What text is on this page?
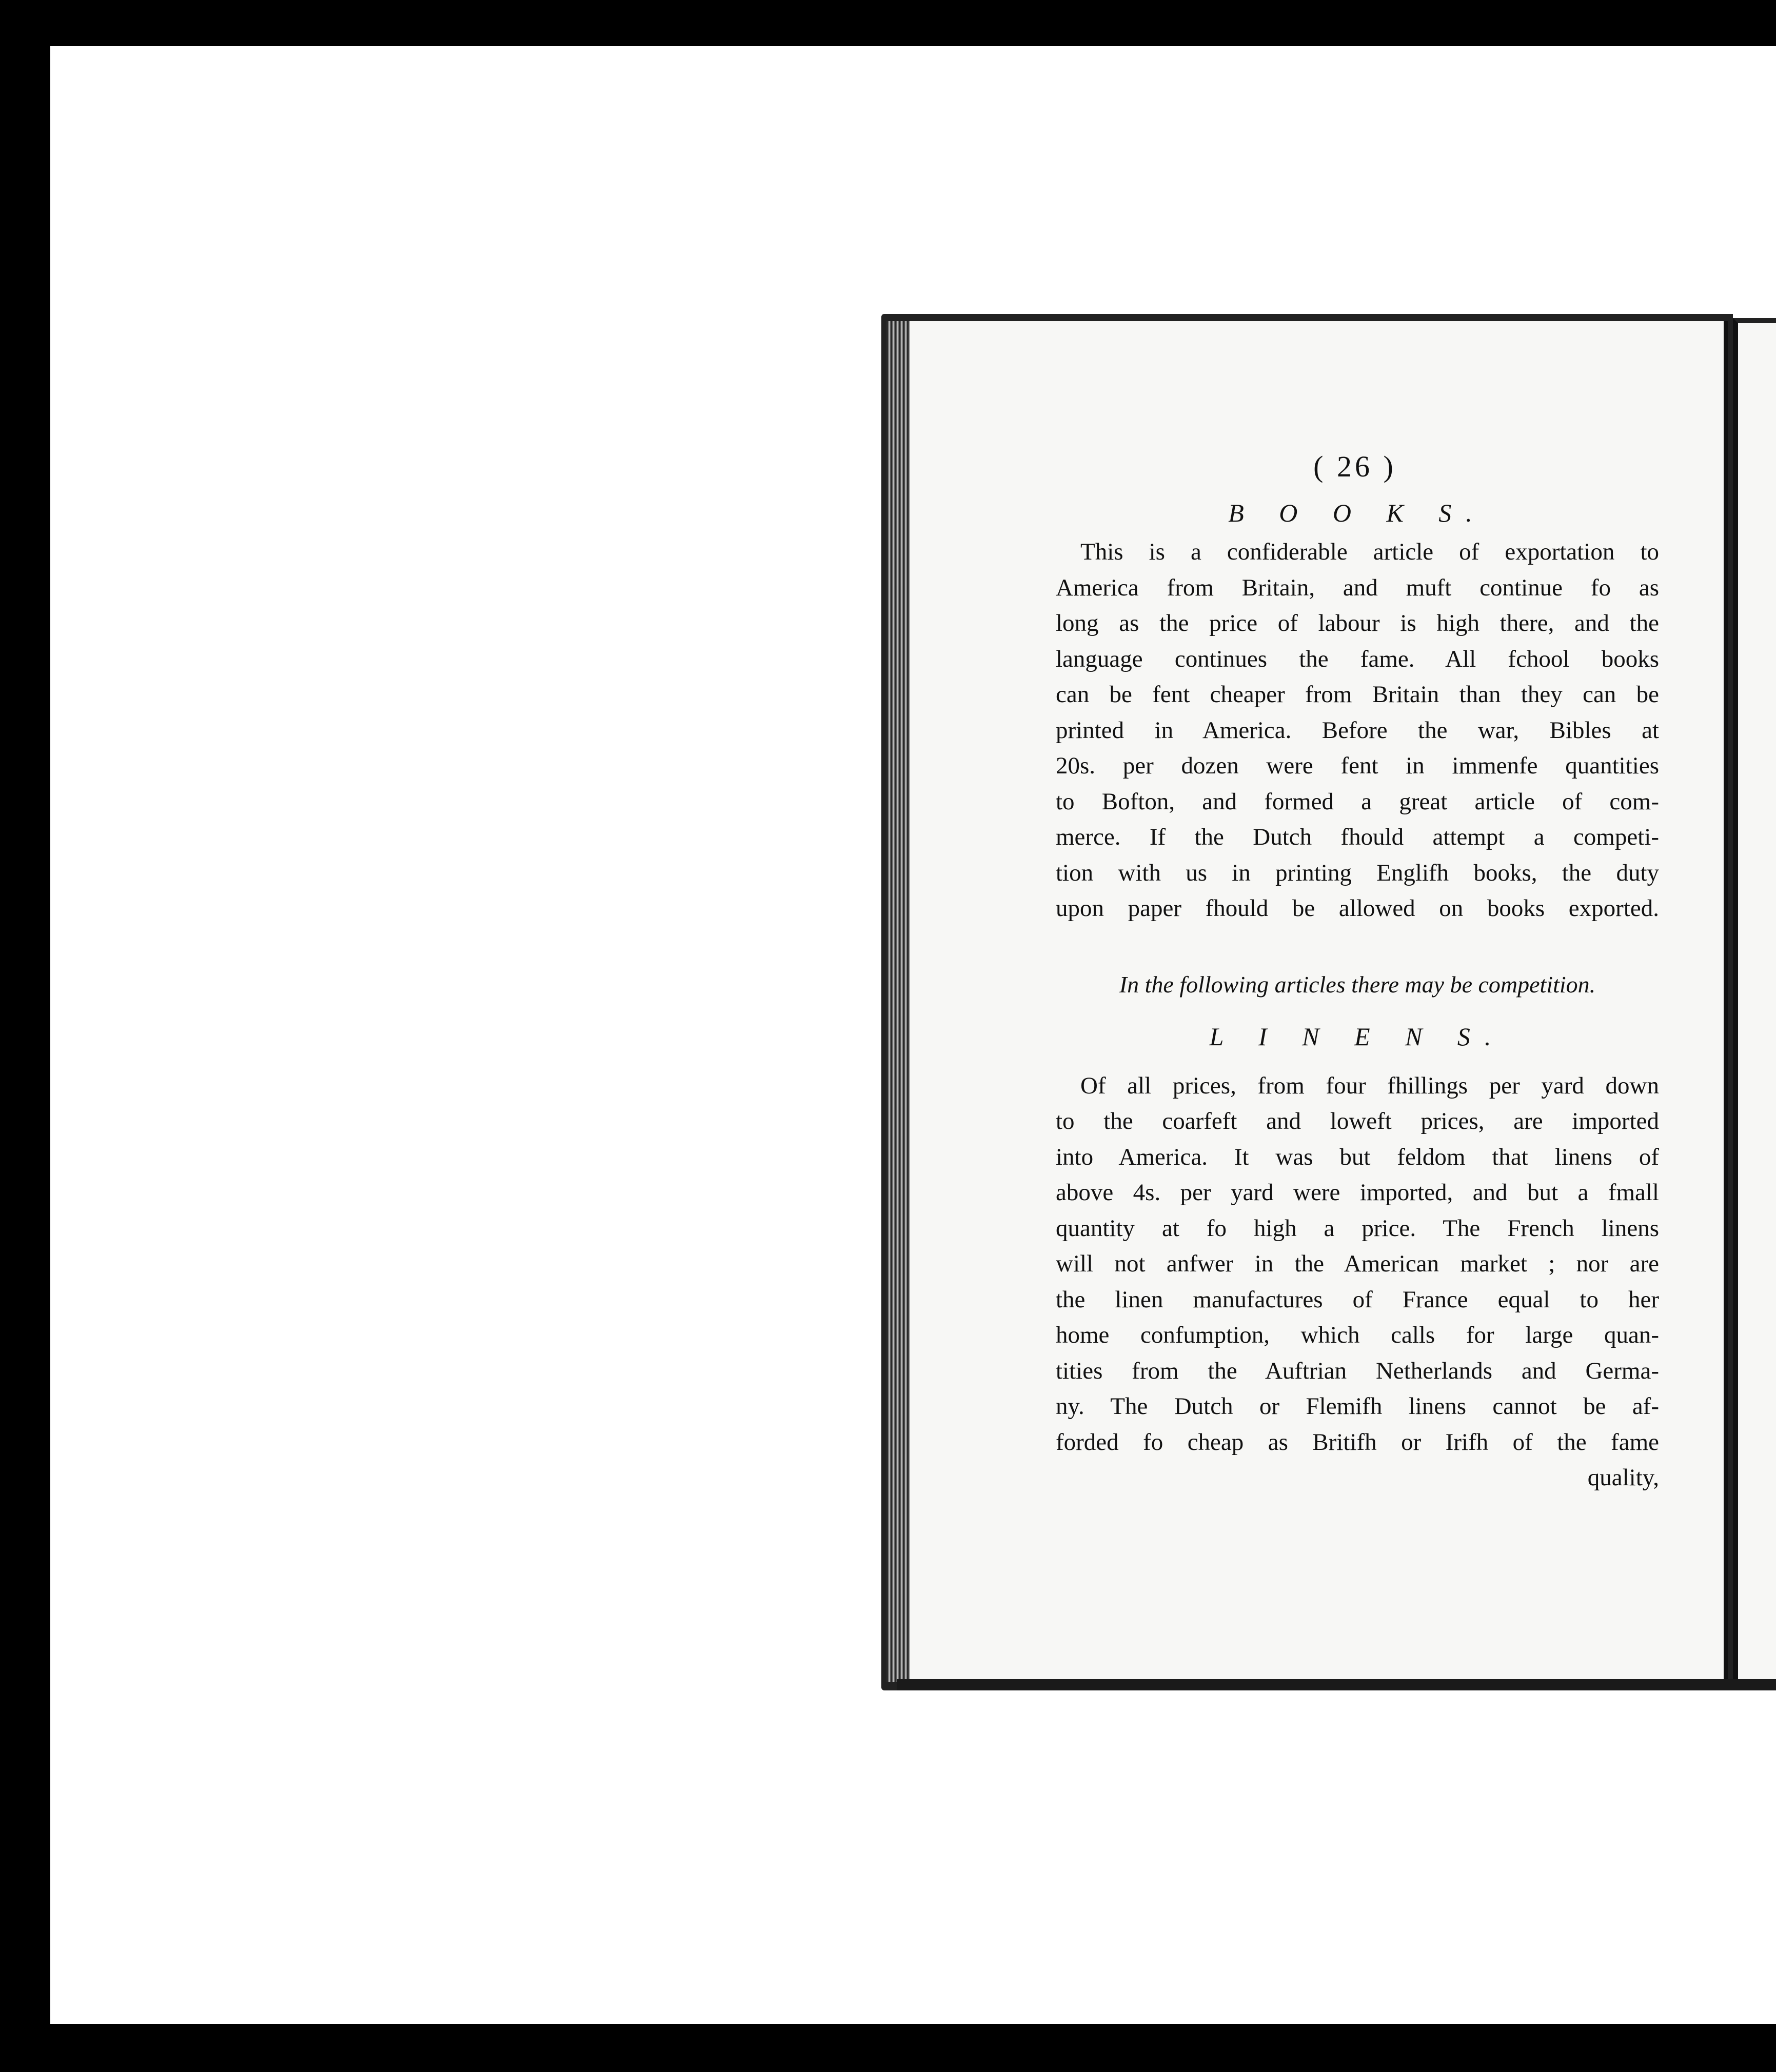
( 26 )
B O O K S.
This is a confiderable article of exportation to
America from Britain, and muft continue fo as
long as the price of labour is high there, and the
language continues the fame. All fchool books
can be fent cheaper from Britain than they can be
printed in America. Before the war, Bibles at
20s. per dozen were fent in immenfe quantities
to Bofton, and formed a great article of com-
merce. If the Dutch fhould attempt a competi-
tion with us in printing Englifh books, the duty
upon paper fhould be allowed on books exported.
In the following articles there may be competition.
L I N E N S.
Of all prices, from four fhillings per yard down
to the coarfeft and loweft prices, are imported
into America. It was but feldom that linens of
above 4s. per yard were imported, and but a fmall
quantity at fo high a price. The French linens
will not anfwer in the American market ; nor are
the linen manufactures of France equal to her
home confumption, which calls for large quan-
tities from the Auftrian Netherlands and Germa-
ny. The Dutch or Flemifh linens cannot be af-
forded fo cheap as Britifh or Irifh of the fame
quality,
